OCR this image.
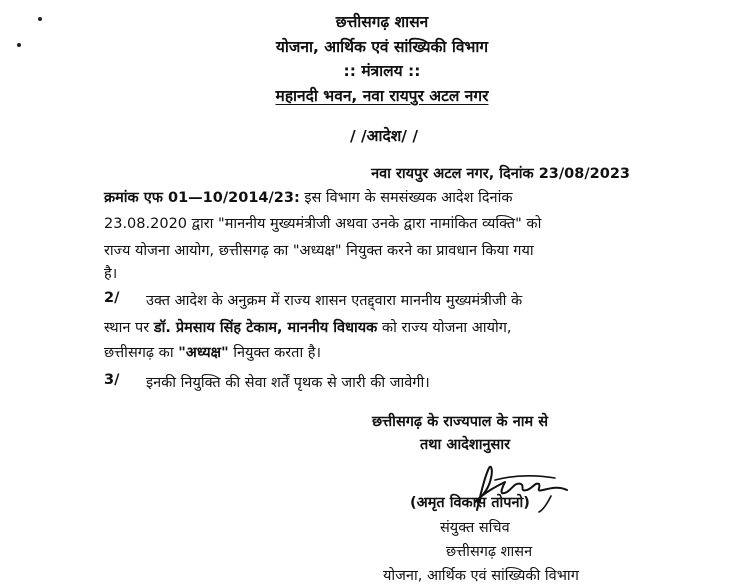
छत्तीसगढ़ शासन
योजना, आर्थिक एवं सांख्यिकी विभाग
:: मंत्रालय ::
महानदी भवन, नवा रायपुर अटल नगर
/ /आदेश/ /
नवा रायपुर अटल नगर, दिनांक 23/08/2023
क्रमांक एफ 01—10/2014/23: इस विभाग के समसंख्यक आदेश दिनांक
23.08.2020 द्वारा "माननीय मुख्यमंत्रीजी अथवा उनके द्वारा नामांकित व्यक्ति" को
राज्य योजना आयोग, छत्तीसगढ़ का "अध्यक्ष" नियुक्त करने का प्रावधान किया गया
है।
2/ उक्त आदेश के अनुक्रम में राज्य शासन एतद्द्वारा माननीय मुख्यमंत्रीजी के
स्थान पर डॉ. प्रेमसाय सिंह टेकाम, माननीय विधायक को राज्य योजना आयोग,
छत्तीसगढ़ का "अध्यक्ष" नियुक्त करता है।
3/ इनकी नियुक्ति की सेवा शर्तें पृथक से जारी की जावेगी।
छत्तीसगढ़ के राज्यपाल के नाम से
तथा आदेशानुसार
(अमृत विकास तोपनो)
संयुक्त सचिव
छत्तीसगढ़ शासन
योजना, आर्थिक एवं सांख्यिकी विभाग
